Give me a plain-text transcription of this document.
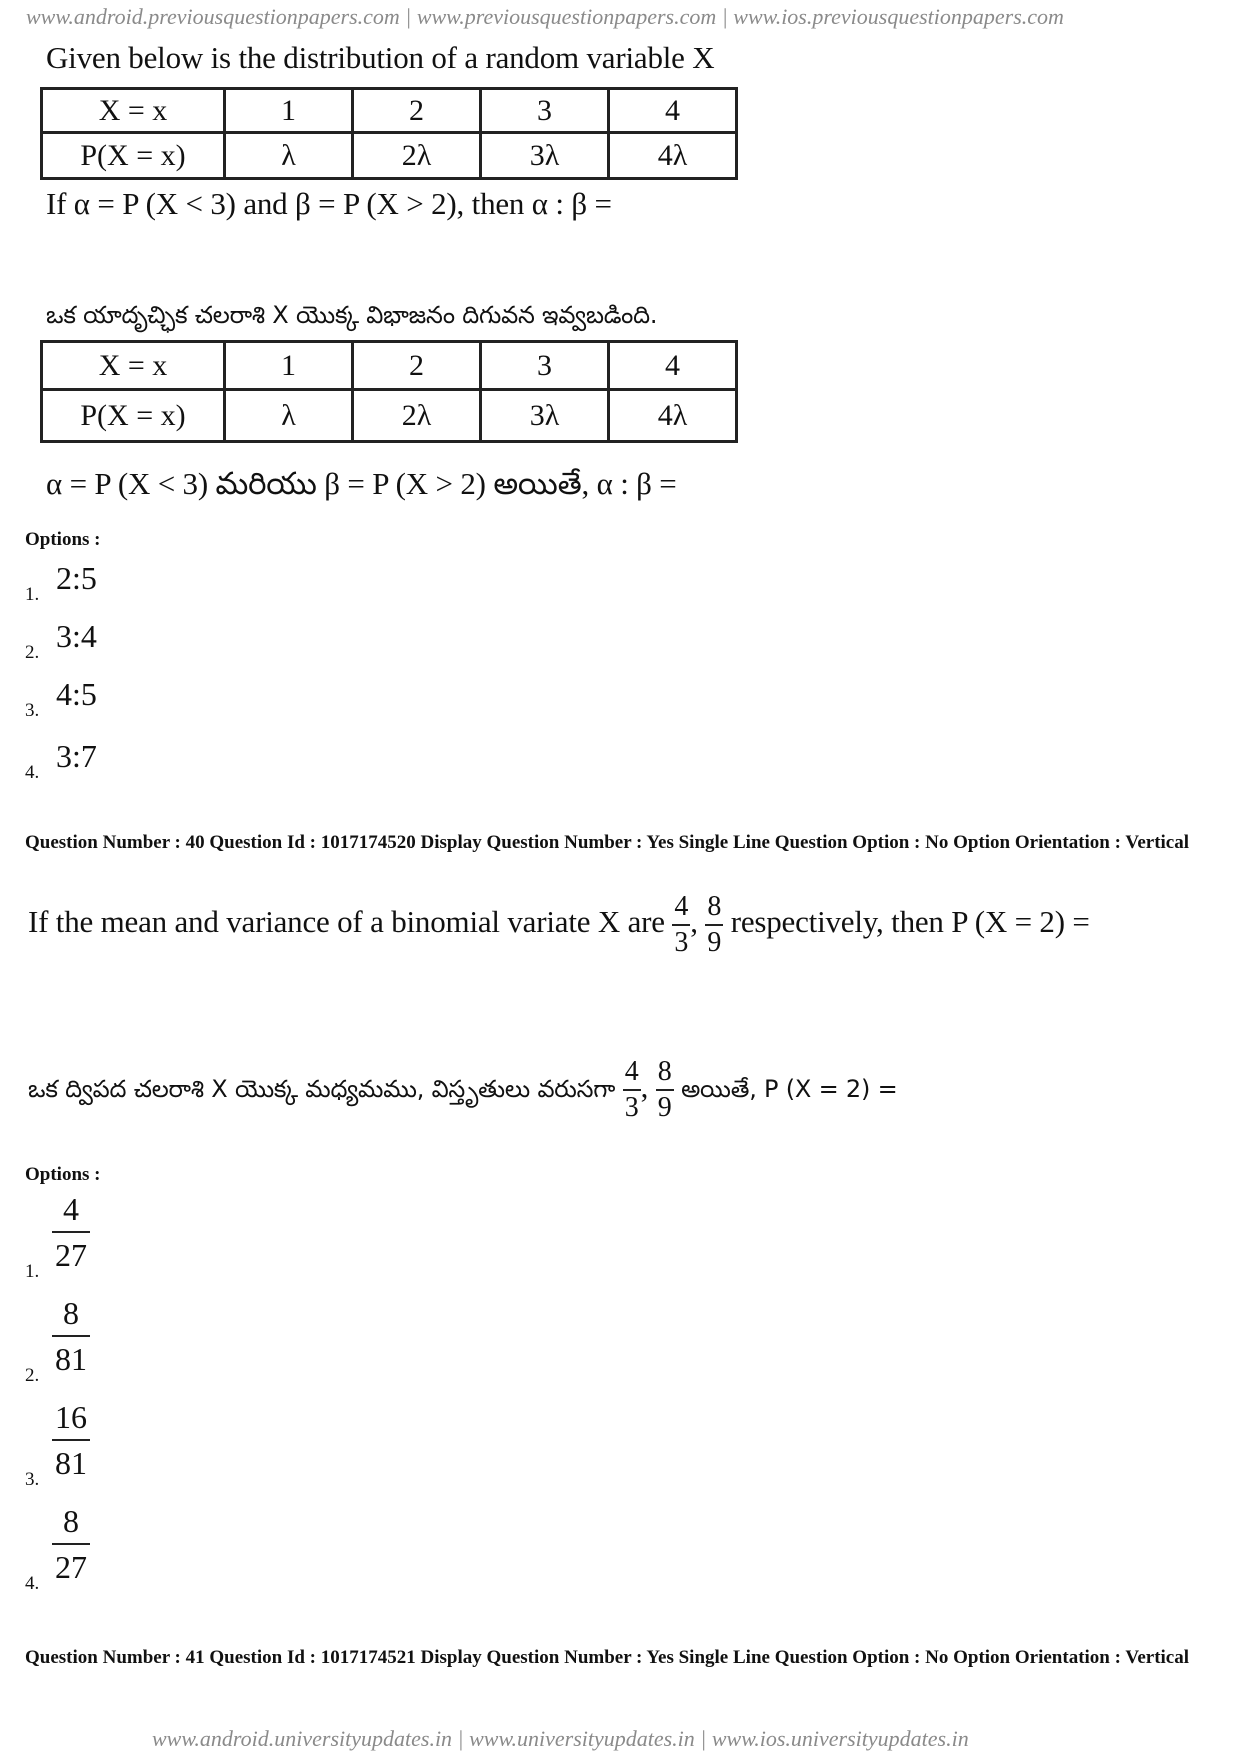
www.android.previousquestionpapers.com | www.previousquestionpapers.com | www.ios.previousquestionpapers.com
Given below is the distribution of a random variable X
X = x	1	2	3	4
P(X = x)	λ	2λ	3λ	4λ
If α = P (X < 3) and β = P (X > 2), then α : β =
ఒక యాదృచ్ఛిక చలరాశి X యొక్క విభాజనం దిగువన ఇవ్వబడింది.
X = x	1	2	3	4
P(X = x)	λ	2λ	3λ	4λ
α = P (X < 3) మరియు β = P (X > 2) అయితే, α : β =
Options :
1. 2:5
2. 3:4
3. 4:5
4. 3:7
Question Number : 40 Question Id : 1017174520 Display Question Number : Yes Single Line Question Option : No Option Orientation : Vertical
If the mean and variance of a binomial variate X are $\frac{4}{3}$ , $\frac{8}{9}$ respectively, then P (X = 2) =
ఒక ద్విపద చలరాశి X యొక్క మధ్యమము, విస్తృతులు వరుసగా $\frac{4}{3}$ , $\frac{8}{9}$ అయితే, P (X = 2) =
Options :
1.
$\frac{4}{27}$
2.
$\frac{8}{81}$
3.
$\frac{16}{81}$
4.
$\frac{8}{27}$
Question Number : 41 Question Id : 1017174521 Display Question Number : Yes Single Line Question Option : No Option Orientation : Vertical
www.android.universityupdates.in | www.universityupdates.in | www.ios.universityupdates.in
